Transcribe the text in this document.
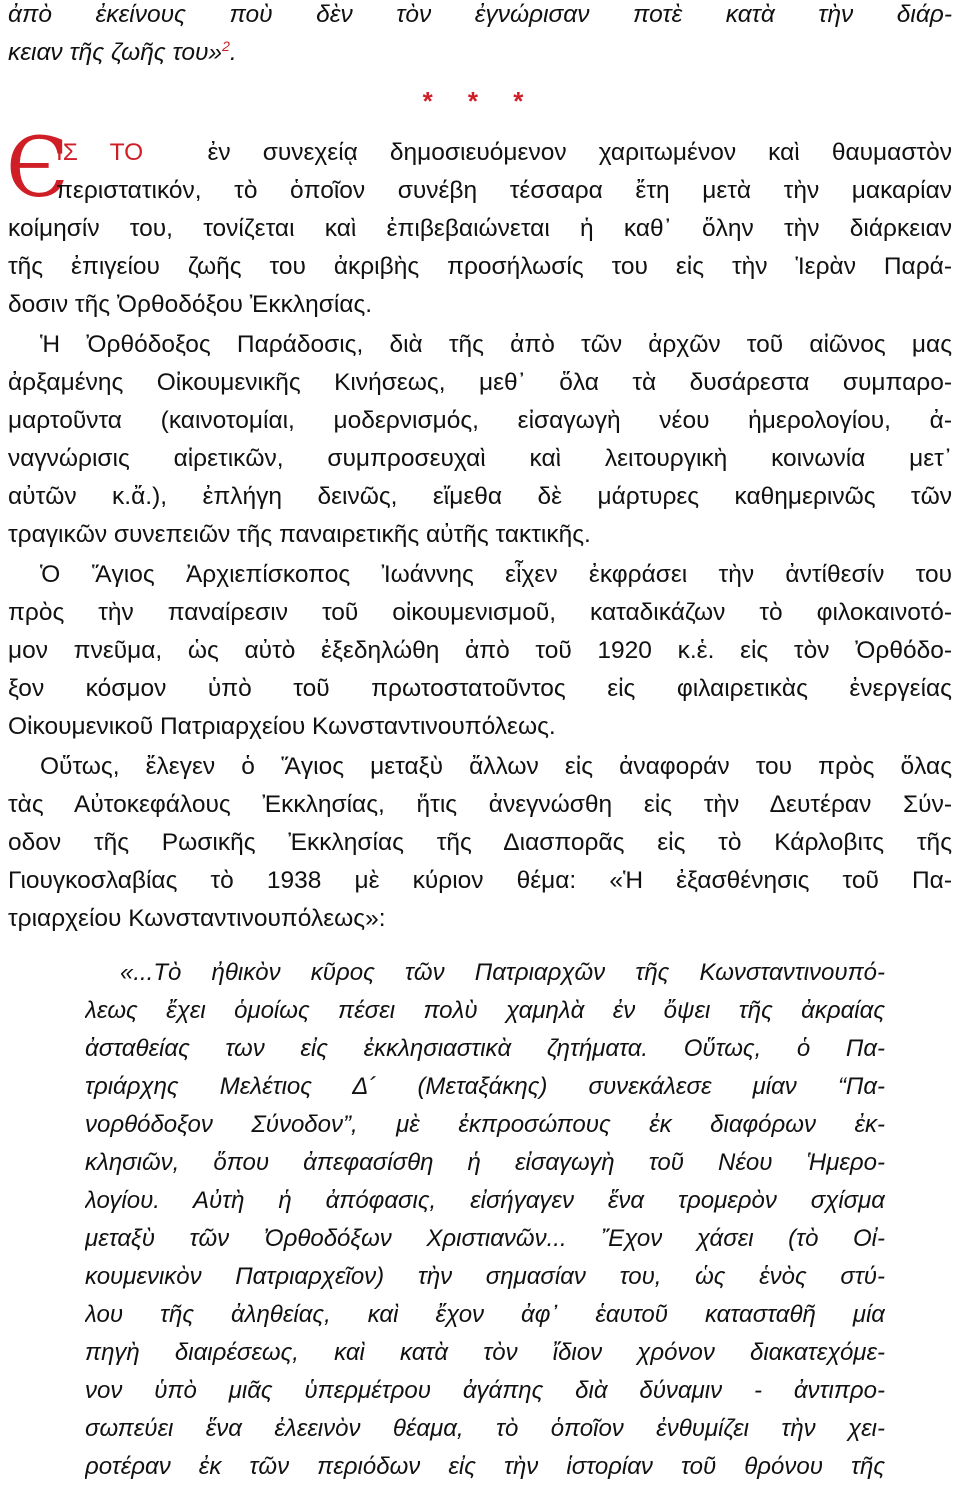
ἀπὸ ἐκείνους ποὺ δὲν τὸν ἐγνώρισαν ποτὲ κατὰ τὴν διάρ-
κειαν τῆς ζωῆς του»$^2$.
* * *
Є
ΙΣ ΤΟ	ἐν συνεχείᾳ δημοσιευόμενον χαριτωμένον καὶ θαυμαστὸν
περιστατικόν, τὸ ὁποῖον συνέβη τέσσαρα ἔτη μετὰ τὴν μακαρίαν
κοίμησίν του, τονίζεται καὶ ἐπιβεβαιώνεται ἡ καθ᾽ ὅλην τὴν διάρκειαν
τῆς ἐπιγείου ζωῆς του ἀκριβὴς προσήλωσίς του εἰς τὴν Ἱερὰν Παρά-
δοσιν τῆς Ὀρθοδόξου Ἐκκλησίας.
Ἡ Ὀρθόδοξος Παράδοσις, διὰ τῆς ἀπὸ τῶν ἀρχῶν τοῦ αἰῶνος μας
ἀρξαμένης Οἰκουμενικῆς Κινήσεως, μεθ᾽ ὅλα τὰ δυσάρεστα συμπαρο-
μαρτοῦντα (καινοτομίαι, μοδερνισμός, εἰσαγωγὴ νέου ἡμερολογίου, ἀ-
ναγνώρισις αἱρετικῶν, συμπροσευχαὶ καὶ λειτουργικὴ κοινωνία μετ᾽
αὐτῶν κ.ἄ.), ἐπλήγη δεινῶς, εἴμεθα δὲ μάρτυρες καθημερινῶς τῶν
τραγικῶν συνεπειῶν τῆς παναιρετικῆς αὐτῆς τακτικῆς.
Ὁ Ἅγιος Ἀρχιεπίσκοπος Ἰωάννης εἶχεν ἐκφράσει τὴν ἀντίθεσίν του
πρὸς τὴν παναίρεσιν τοῦ οἰκουμενισμοῦ, καταδικάζων τὸ φιλοκαινοτό-
μον πνεῦμα, ὡς αὐτὸ ἐξεδηλώθη ἀπὸ τοῦ 1920 κ.ἑ. εἰς τὸν Ὀρθόδο-
ξον κόσμον ὑπὸ τοῦ πρωτοστατοῦντος εἰς φιλαιρετικὰς ἐνεργείας
Οἰκουμενικοῦ Πατριαρχείου Κωνσταντινουπόλεως.
Οὕτως, ἔλεγεν ὁ Ἅγιος μεταξὺ ἄλλων εἰς ἀναφοράν του πρὸς ὅλας
τὰς Αὐτοκεφάλους Ἐκκλησίας, ἥτις ἀνεγνώσθη εἰς τὴν Δευτέραν Σύν-
οδον τῆς Ρωσικῆς Ἐκκλησίας τῆς Διασπορᾶς εἰς τὸ Κάρλοβιτς τῆς
Γιουγκοσλαβίας τὸ 1938 μὲ κύριον θέμα: «Ἡ ἐξασθένησις τοῦ Πα-
τριαρχείου Κωνσταντινουπόλεως»:
«...Τὸ ἠθικὸν κῦρος τῶν Πατριαρχῶν τῆς Κωνσταντινουπό-
λεως ἔχει ὁμοίως πέσει πολὺ χαμηλὰ ἐν ὄψει τῆς ἀκραίας
ἀσταθείας των εἰς ἐκκλησιαστικὰ ζητήματα. Οὕτως, ὁ Πα-
τριάρχης Μελέτιος Δ´ (Μεταξάκης) συνεκάλεσε μίαν “Πα-
νορθόδοξον Σύνοδον”, μὲ ἐκπροσώπους ἐκ διαφόρων ἐκ-
κλησιῶν, ὅπου ἀπεφασίσθη ἡ εἰσαγωγὴ τοῦ Νέου Ἡμερο-
λογίου. Αὐτὴ ἡ ἀπόφασις, εἰσήγαγεν ἕνα τρομερὸν σχίσμα
μεταξὺ τῶν Ὀρθοδόξων Χριστιανῶν... Ἔχον χάσει (τὸ Οἰ-
κουμενικὸν Πατριαρχεῖον) τὴν σημασίαν του, ὡς ἑνὸς στύ-
λου τῆς ἀληθείας, καὶ ἔχον ἀφ᾽ ἑαυτοῦ κατασταθῆ μία
πηγὴ διαιρέσεως, καὶ κατὰ τὸν ἴδιον χρόνον διακατεχόμε-
νον ὑπὸ μιᾶς ὑπερμέτρου ἀγάπης διὰ δύναμιν - ἀντιπρο-
σωπεύει ἕνα ἐλεεινὸν θέαμα, τὸ ὁποῖον ἐνθυμίζει τὴν χει-
ροτέραν ἐκ τῶν περιόδων εἰς τὴν ἱστορίαν τοῦ θρόνου τῆς
